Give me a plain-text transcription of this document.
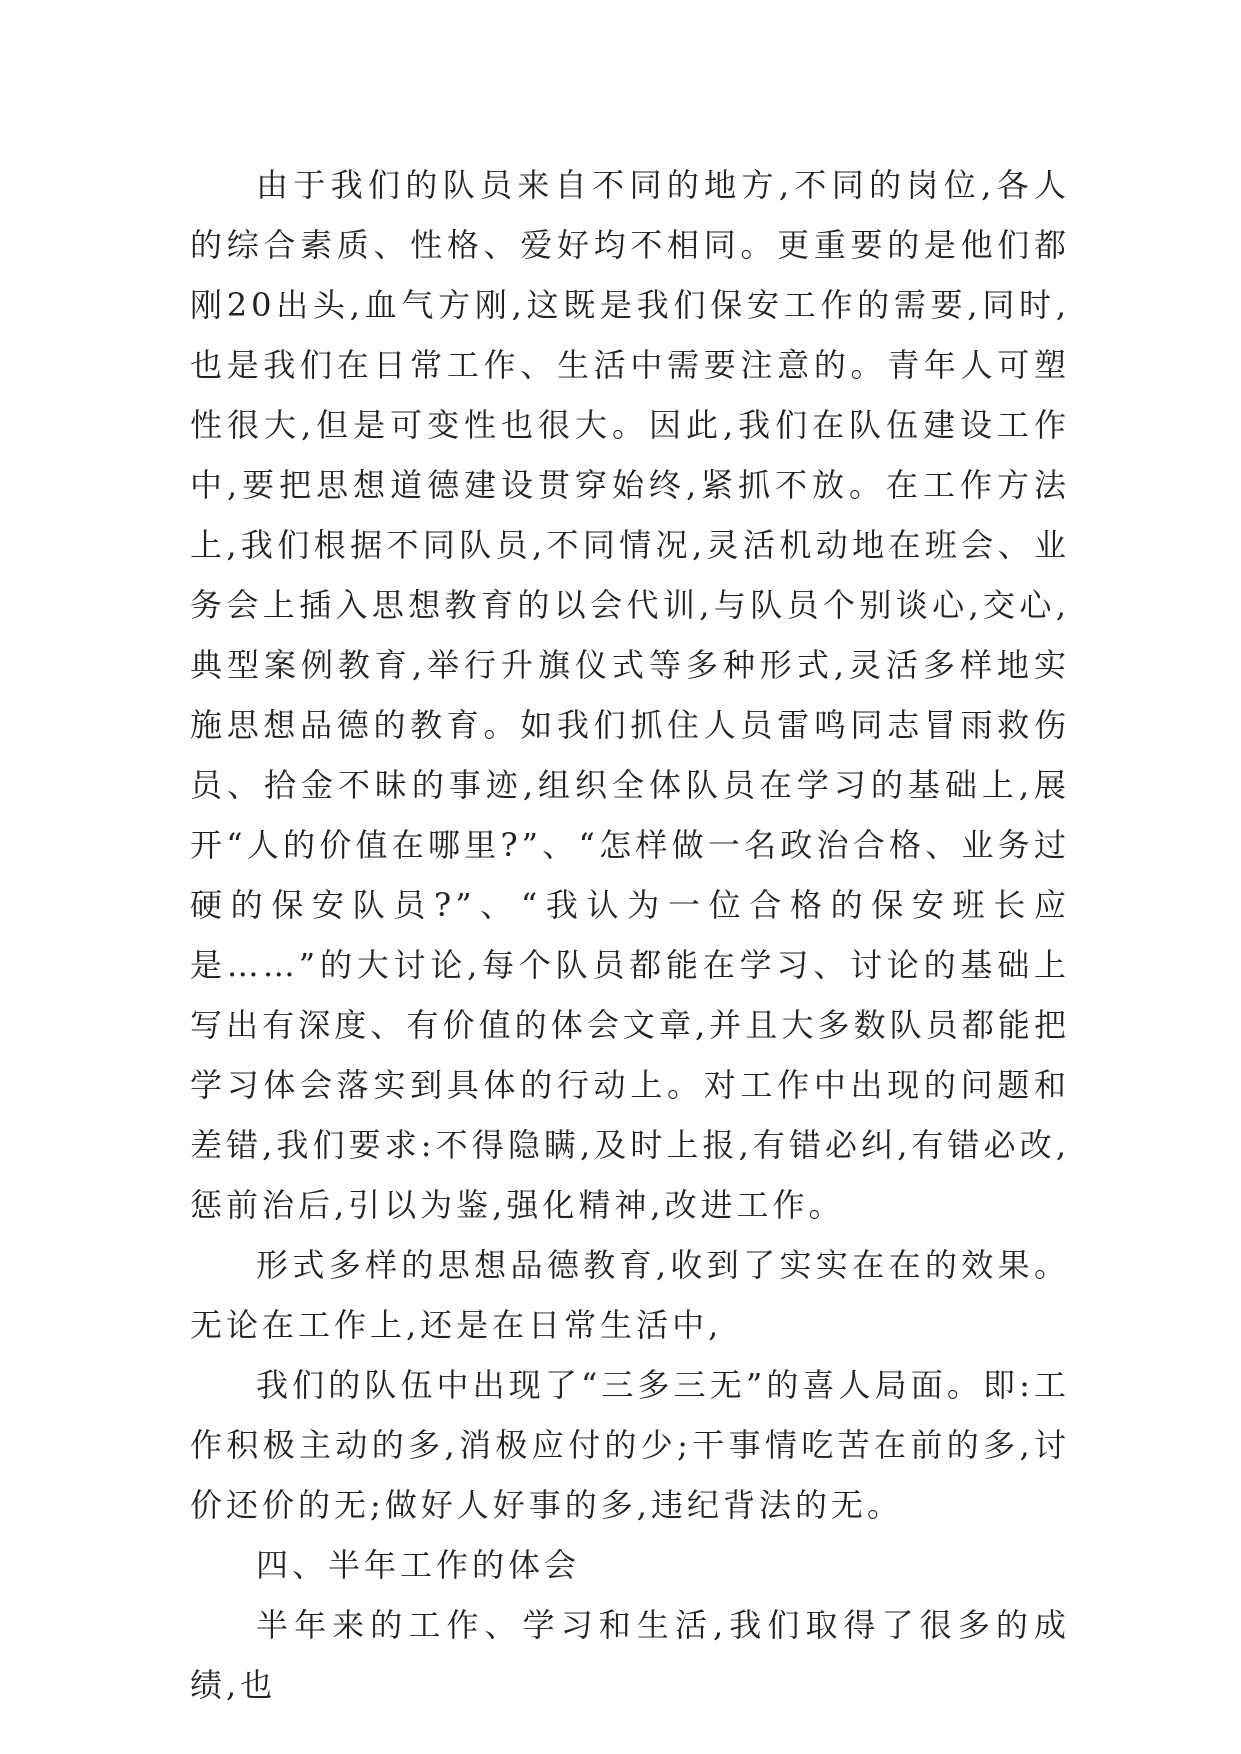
由于我们的队员来自不同的地方,不同的岗位,各人的综合素质、性格、爱好均不相同。更重要的是他们都刚20出头,血气方刚,这既是我们保安工作的需要,同时,也是我们在日常工作、生活中需要注意的。青年人可塑性很大,但是可变性也很大。因此,我们在队伍建设工作中,要把思想道德建设贯穿始终,紧抓不放。在工作方法上,我们根据不同队员,不同情况,灵活机动地在班会、业务会上插入思想教育的以会代训,与队员个别谈心,交心,典型案例教育,举行升旗仪式等多种形式,灵活多样地实施思想品德的教育。如我们抓住人员雷鸣同志冒雨救伤员、拾金不昧的事迹,组织全体队员在学习的基础上,展开“人的价值在哪里?”、“怎样做一名政治合格、业务过硬的保安队员?”、“我认为一位合格的保安班长应是……”的大讨论,每个队员都能在学习、讨论的基础上写出有深度、有价值的体会文章,并且大多数队员都能把学习体会落实到具体的行动上。对工作中出现的问题和差错,我们要求:不得隐瞒,及时上报,有错必纠,有错必改,惩前治后,引以为鉴,强化精神,改进工作。

形式多样的思想品德教育,收到了实实在在的效果。无论在工作上,还是在日常生活中,

我们的队伍中出现了“三多三无”的喜人局面。即:工作积极主动的多,消极应付的少;干事情吃苦在前的多,讨价还价的无;做好人好事的多,违纪背法的无。

四、半年工作的体会

半年来的工作、学习和生活,我们取得了很多的成绩,也
